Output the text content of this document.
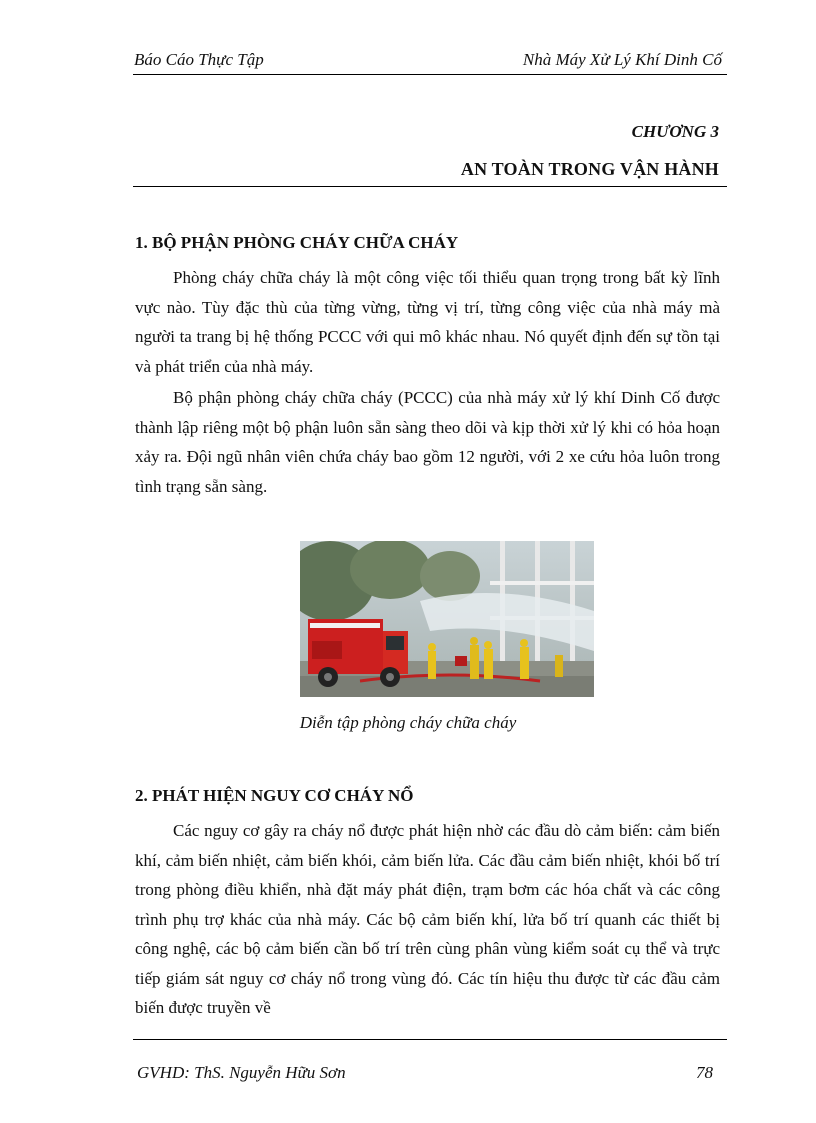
Báo Cáo Thực Tập	Nhà Máy Xử Lý Khí Dinh Cố
CHƯƠNG 3
AN TOÀN TRONG VẬN HÀNH
1. BỘ PHẬN PHÒNG CHÁY CHỮA CHÁY
Phòng cháy chữa cháy là một công việc tối thiểu quan trọng trong bất kỳ lĩnh vực nào. Tùy đặc thù của từng vừng, từng vị trí, từng công việc của nhà máy mà người ta trang bị hệ thống PCCC với qui mô khác nhau. Nó quyết định đến sự tồn tại và phát triển của nhà máy.
Bộ phận phòng cháy chữa cháy (PCCC) của nhà máy xử lý khí Dinh Cố được thành lập riêng một bộ phận luôn sẵn sàng theo dõi và kịp thời xử lý khi có hỏa hoạn xảy ra. Đội ngũ nhân viên chứa cháy bao gồm 12 người, với 2 xe cứu hỏa luôn trong tình trạng sẵn sàng.
Diễn tập phòng cháy chữa cháy
2. PHÁT HIỆN NGUY CƠ CHÁY NỔ
Các nguy cơ gây ra cháy nổ được phát hiện nhờ các đầu dò cảm biến: cảm biến khí, cảm biến nhiệt, cảm biến khói, cảm biến lửa. Các đầu cảm biến nhiệt, khói bố trí trong phòng điều khiển, nhà đặt máy phát điện, trạm bơm các hóa chất và các công trình phụ trợ khác của nhà máy. Các bộ cảm biến khí, lửa bố trí quanh các thiết bị công nghệ, các bộ cảm biến cần bố trí trên cùng phân vùng kiểm soát cụ thể và trực tiếp giám sát nguy cơ cháy nổ trong vùng đó. Các tín hiệu thu được từ các đầu cảm biến được truyền về
GVHD: ThS. Nguyễn Hữu Sơn	78
